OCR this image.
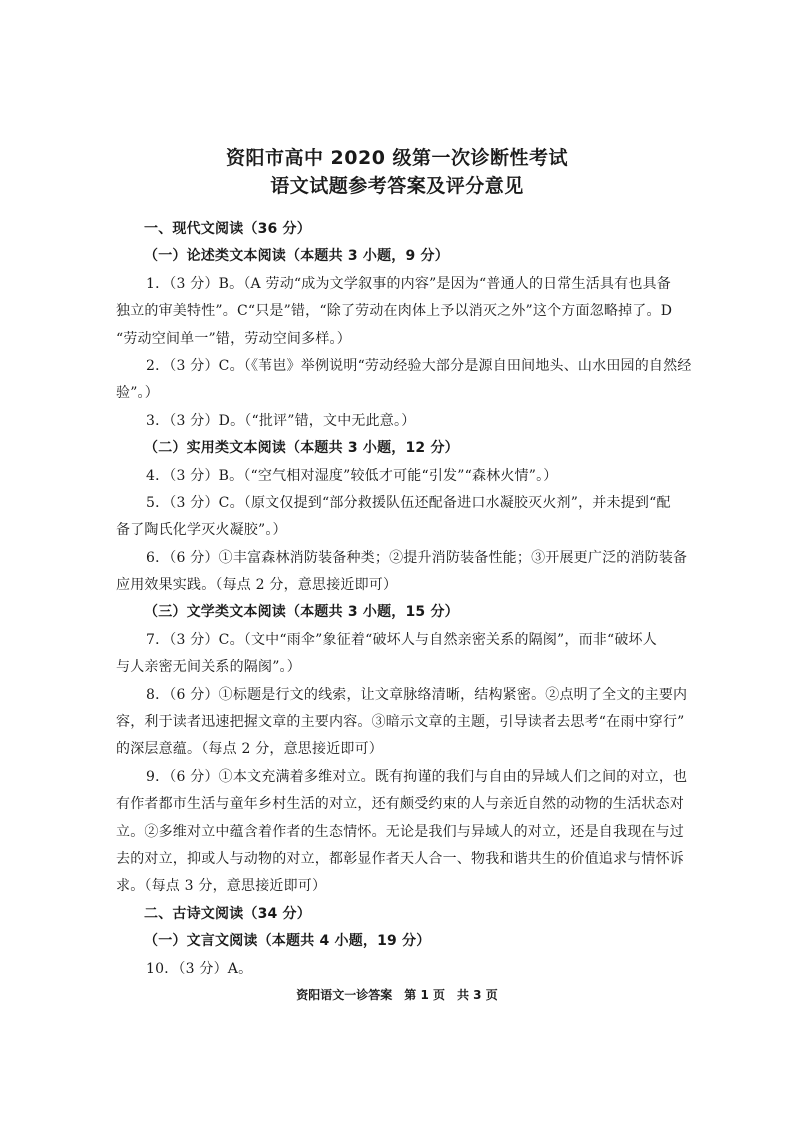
资阳市高中 2020 级第一次诊断性考试
语文试题参考答案及评分意见
一、现代文阅读（36 分）
（一）论述类文本阅读（本题共 3 小题，9 分）
1．（3 分）B。（A 劳动“成为文学叙事的内容”是因为“普通人的日常生活具有也具备
独立的审美特性”。C“只是”错，“除了劳动在肉体上予以消灭之外”这个方面忽略掉了。D
“劳动空间单一”错，劳动空间多样。）
2．（3 分）C。（《苇岜》举例说明“劳动经验大部分是源自田间地头、山水田园的自然经
验”。）
3．（3 分）D。（“批评”错，文中无此意。）
（二）实用类文本阅读（本题共 3 小题，12 分）
4．（3 分）B。（“空气相对湿度”较低才可能“引发”“森林火情”。）
5．（3 分）C。（原文仅提到“部分救援队伍还配备进口水凝胶灭火剂”，并未提到“配
备了陶氏化学灭火凝胶”。）
6．（6 分）①丰富森林消防装备种类；②提升消防装备性能；③开展更广泛的消防装备
应用效果实践。（每点 2 分，意思接近即可）
（三）文学类文本阅读（本题共 3 小题，15 分）
7．（3 分）C。（文中“雨伞”象征着“破坏人与自然亲密关系的隔阂”，而非“破坏人
与人亲密无间关系的隔阂”。）
8．（6 分）①标题是行文的线索，让文章脉络清晰，结构紧密。②点明了全文的主要内
容，利于读者迅速把握文章的主要内容。③暗示文章的主题，引导读者去思考“在雨中穿行”
的深层意蕴。（每点 2 分，意思接近即可）
9．（6 分）①本文充满着多维对立。既有拘谨的我们与自由的异域人们之间的对立，也
有作者都市生活与童年乡村生活的对立，还有颇受约束的人与亲近自然的动物的生活状态对
立。②多维对立中蕴含着作者的生态情怀。无论是我们与异域人的对立，还是自我现在与过
去的对立，抑或人与动物的对立，都彰显作者天人合一、物我和谐共生的价值追求与情怀诉
求。（每点 3 分，意思接近即可）
二、古诗文阅读（34 分）
（一）文言文阅读（本题共 4 小题，19 分）
10．（3 分）A。
资阳语文一诊答案　第 1 页　共 3 页
